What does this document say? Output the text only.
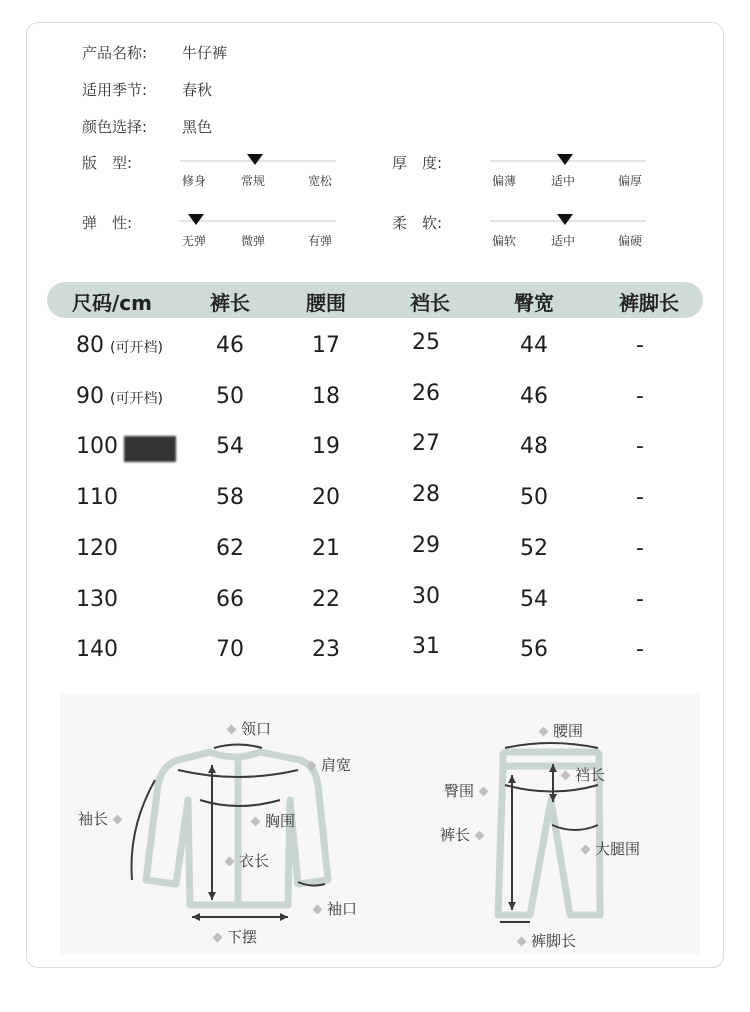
产品名称: 牛仔裤
适用季节: 春秋
颜色选择: 黑色
版　型:
修身	常规	宽松
厚　度:
偏薄	适中	偏厚
弹　性:
无弹	微弹	有弹
柔　软:
偏软	适中	偏硬
尺码/cm	裤长	腰围	裆长	臀宽	裤脚长
80 (可开档)	46	17	25	44	-
90 (可开档)	50	18	26	46	-
100	54	19	27	48	-
110	58	20	28	50	-
120	62	21	29	52	-
130	66	22	30	54	-
140	70	23	31	56	-
领口
肩宽
袖长	胸围
衣长
袖口
下摆
腰围
裆长
臀围
大腿围
裤长
裤脚长
